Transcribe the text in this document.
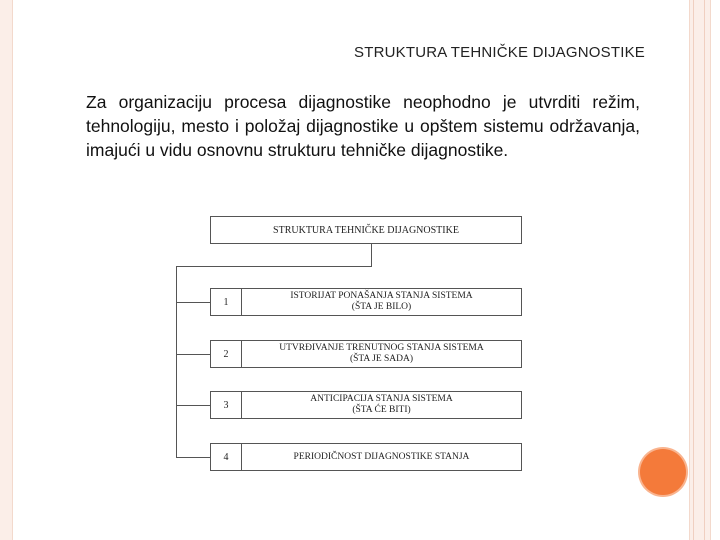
STRUKTURA TEHNIČKE DIJAGNOSTIKE
Za organizaciju procesa dijagnostike neophodno je utvrditi režim, tehnologiju, mesto i položaj dijagnostike u opštem sistemu održavanja, imajući u vidu osnovnu strukturu tehničke dijagnostike.
STRUKTURA TEHNIČKE DIJAGNOSTIKE
1
ISTORIJAT PONAŠANJA STANJA SISTEMA
(ŠTA JE BILO)
2
UTVRĐIVANJE TRENUTNOG STANJA SISTEMA
(ŠTA JE SADA)
3
ANTICIPACIJA STANJA SISTEMA
(ŠTA ĆE BITI)
4	PERIODIČNOST DIJAGNOSTIKE STANJA
